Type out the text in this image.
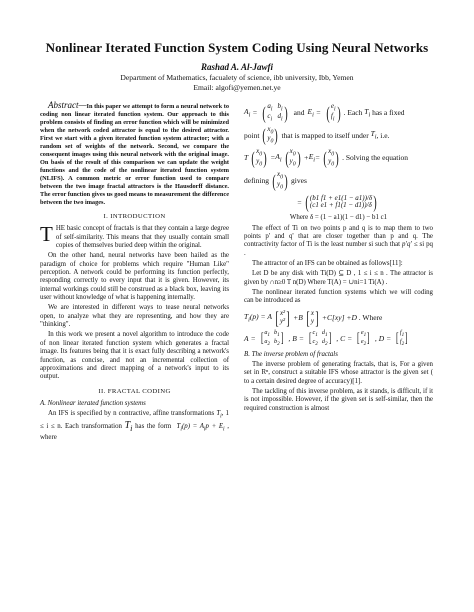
Nonlinear Iterated Function System Coding Using Neural Networks
Rashad A. Al-Jawfi
Department of Mathematics, facualety of science, ibb university, Ibb, Yemen
Email: algofi@yemen.net.ye

Abstract—In this paper we attempt to form a neural network to coding non linear iterated function system. Our approach to this problem consists of finding an error function which will be minimized when the network coded attractor is equal to the desired attractor. First we start with a given iterated function system attractor; with a random set of weights of the network. Second, we compare the consequent images using this neural network with the original image. On basis of the result of this comparison we can update the weight functions and the code of the nonlinear iterated function system (NLIFS). A common metric or error function used to compare between the two image fractal attractors is the Hausdorff distance. The error function gives us good means to measurement the difference between the two images.

I. INTRODUCTION

THE basic concept of fractals is that they contain a large degree of self-similarity. This means that they usually contain small copies of themselves buried deep within the original.

On the other hand, neural networks have been hailed as the paradigm of choice for problems which require "Human Like" perception. A network could be performing its function perfectly, responding correctly to every input that it is given. However, its internal workings could still be construed as a black box, leaving its user without knowledge of what is happening internally.

We are interested in different ways to tease neural networks open, to analyze what they are representing, and how they are "thinking".

In this work we present a novel algorithm to introduce the code of non linear iterated function system which generates a fractal image. Its features being that it is exact fully describing a network's function, as concise, and not an incremental collection of approximations and direct mapping of a network's input to its output.

II. FRACTAL CODING
A. Nonlinear iterated function systems

An IFS is specified by n contractive, affine transformations $T_i$, 1 ≤ i ≤ n. Each transformation $T_i$ has the form $T_i(p) = A_ip + E_i$ , where

$A_i$ = ( $a_i$ $b_i$
$c_i$ $d_i$ ) and $E_i$ = ( $e_i$
$f_i$ ) . Each
$T_i$
has a fixed
point ( $x_0$
$y_0$ ) that is mapped to itself under
$T_i$ , i.e.
T ( $x_0$
$y_0$ ) = $A_i$ ( $x_0$
$y_0$ ) + $E_i$ = ( $x_0$
$y_0$ ) . Solving the equation
defining ( $x_0$
$y_0$ ) gives
= ( (b1 f1 + e1(1 − a1))/δ
(c1 e1 + f1(1 − d1))/δ )
Where δ = (1 − a1)(1 − d1) − b1 c1

The effect of Ti on two points p and q is to map them to two points p' and q' that are closer together than p and q. The contractivity factor of Ti is the least number si such that p'q' ≤ si pq .

The attractor of an IFS can be obtained as follows[11]:

Let D be any disk with Ti(D) ⊆ D , 1 ≤ i ≤ n . The attractor is given by ∩n≥0 T n(D) Where T(A) = ∪ni=1 Ti(A) .

The nonlinear iterated function systems which we will coding can be introduced as

$T_i(p) = A$ [ x²
y² ] + B [ x
y ] + C [ xy ] + D
. Where
A = [ $a_1$ $b_1$
$a_2$ $b_2$ ] , B = [ $c_1$ $d_1$
$c_2$ $d_2$ ] , C = [ $e_1$
$e_2$ ] , D = [ $f_1$
$f_2$ ]
B. The inverse problem of fractals

The inverse problem of generating fractals, that is, For a given set in Rⁿ, construct a suitable IFS whose attractor is the given set ( to a certain desired degree of accuracy)[1].

The tackling of this inverse problem, as it stands, is difficult, if it is not impossible. However, if the given set is self-similar, then the required construction is almost
